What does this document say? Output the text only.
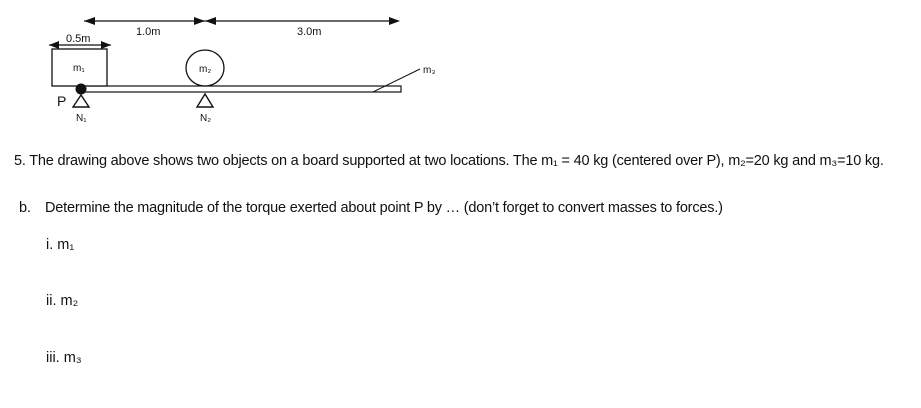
1.0m	3.0m
0.5m
m₁	m₂	m₃
P
N₁	N₂
5. The drawing above shows two objects on a board supported at two locations. The m₁ = 40 kg (centered over P), m₂=20 kg and m₃=10 kg.
b. Determine the magnitude of the torque exerted about point P by … (don’t forget to convert masses to forces.)
i. m₁
ii. m₂
iii. m₃
